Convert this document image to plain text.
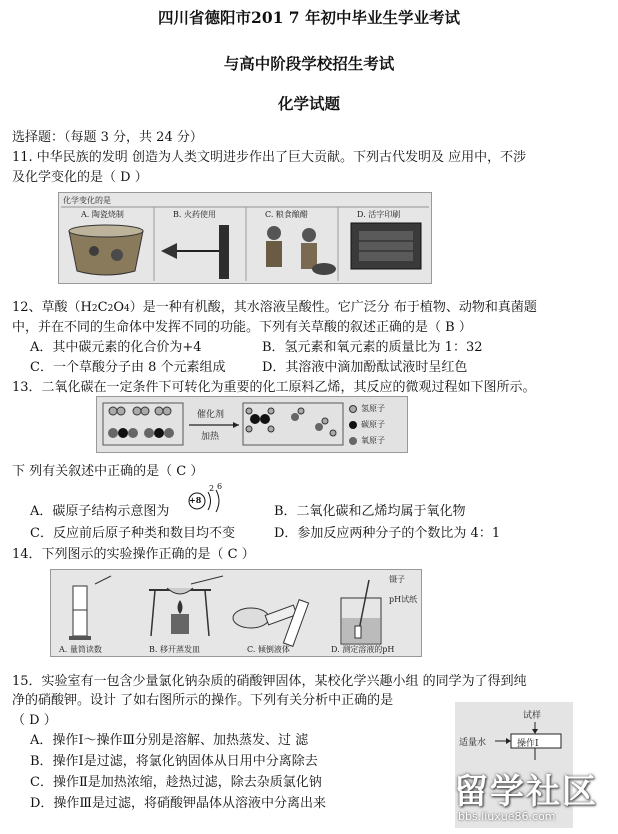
四川省德阳市201 7 年初中毕业生学业考试
与高中阶段学校招生考试
化学试题
选择题：（每题 3 分，共 24 分）
11. 中华民族的发明 创造为人类文明进步作出了巨大贡献。下列古代发明及 应用中，不涉
及化学变化的是（ D ）
化学变化的是
A. 陶瓷烧制	B. 火药使用	C. 粮食酿醋	D. 活字印刷
12、草酸（H2C2O4）是一种有机酸，其水溶液呈酸性。它广泛分 布于植物、动物和真菌题
中，并在不同的生命体中发挥不同的功能。下列有关草酸的叙述正确的是（ B ）
A．其中碳元素的化合价为+4	B．氢元素和氧元素的质量比为 1：32
C．一个草酸分子由 8 个元素组成	D．其溶液中滴加酚酞试液时呈红色
13．二氧化碳在一定条件下可转化为重要的化工原料乙烯，其反应的微观过程如下图所示。
催化剂
加热
氢原子
碳原子
氧原子
下 列有关叙述中正确的是（ C ）
A．碳原子结构示意图为
+8
2 6
B．二氧化碳和乙烯均属于氧化物
C．反应前后原子种类和数目均不变	D．参加反应两种分子的个数比为 4：1
14．下列图示的实验操作正确的是（ C ）
A. 量筒读数	B. 移开蒸发皿	C. 倾倒液体	D. 测定溶液的pH
镊子
pH试纸
15．实验室有一包含少量氯化钠杂质的硝酸钾固体，某校化学兴趣小组 的同学为了得到纯
净的硝酸钾。设计 了如右图所示的操作。下列有关分析中正确的是
（ D ）
A．操作Ⅰ～操作Ⅲ分别是溶解、加热蒸发、过 滤
B．操作Ⅰ是过滤，将氯化钠固体从日用中分离除去
C．操作Ⅱ是加热浓缩，趁热过滤，除去杂质氯化钠
D．操作Ⅲ是过滤，将硝酸钾晶体从溶液中分离出来
试样
适量水	操作Ⅰ
留学社区
bbs.liuxue86.com
